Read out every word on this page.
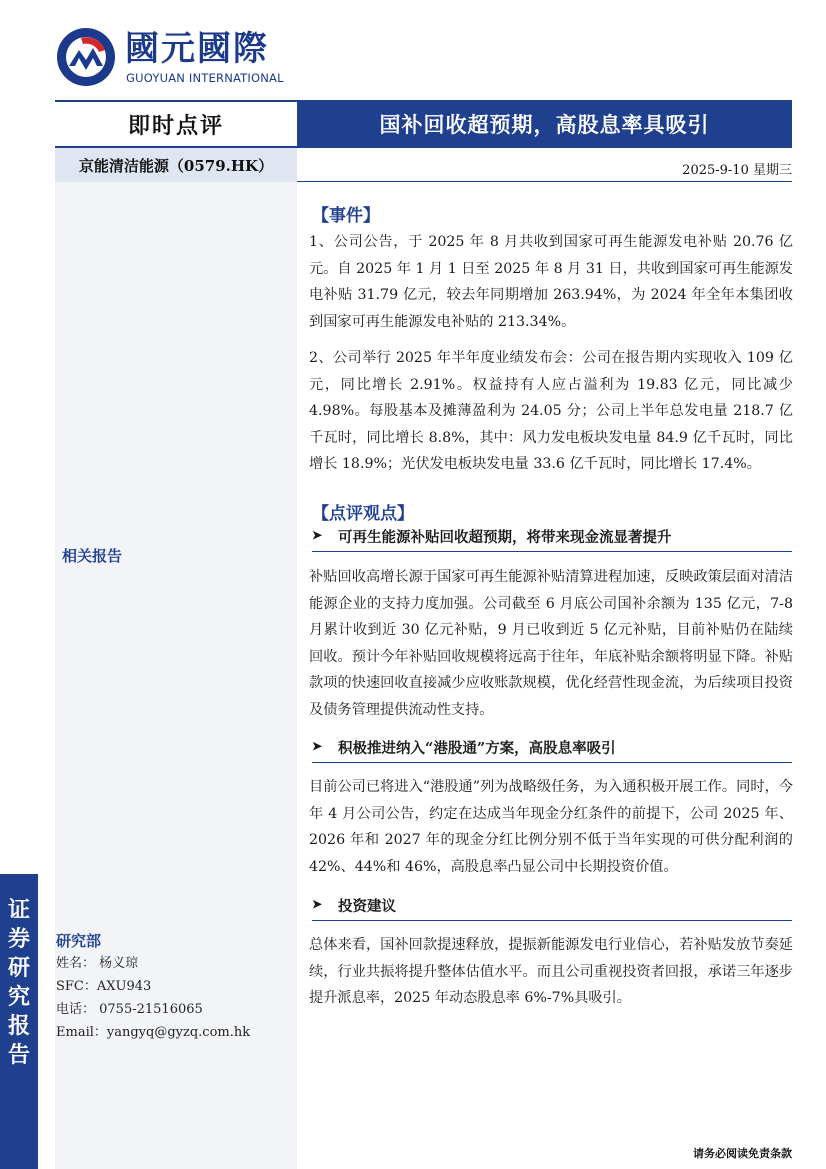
國元國際
GUOYUAN INTERNATIONAL
即时点评	国补回收超预期，高股息率具吸引
京能清洁能源（0579.HK）	2025-9-10 星期三
相关报告
研究部
姓名： 杨义琼
SFC：AXU943
电话： 0755-21516065
Email：yangyq@gyzq.com.hk
证
券
研
究
报
告
【事件】
1、公司公告，于 2025 年 8 月共收到国家可再生能源发电补贴 20.76 亿元。自 2025 年 1 月 1 日至 2025 年 8 月 31 日，共收到国家可再生能源发电补贴 31.79 亿元，较去年同期增加 263.94%，为 2024 年全年本集团收到国家可再生能源发电补贴的 213.34%。
2、公司举行 2025 年半年度业绩发布会：公司在报告期内实现收入 109 亿元，同比增长 2.91%。权益持有人应占溢利为 19.83 亿元，同比减少 4.98%。每股基本及摊薄盈利为 24.05 分；公司上半年总发电量 218.7 亿千瓦时，同比增长 8.8%，其中：风力发电板块发电量 84.9 亿千瓦时，同比增长 18.9%；光伏发电板块发电量 33.6 亿千瓦时，同比增长 17.4%。
【点评观点】
➤ 可再生能源补贴回收超预期，将带来现金流显著提升
补贴回收高增长源于国家可再生能源补贴清算进程加速，反映政策层面对清洁能源企业的支持力度加强。公司截至 6 月底公司国补余额为 135 亿元，7-8 月累计收到近 30 亿元补贴，9 月已收到近 5 亿元补贴，目前补贴仍在陆续回收。预计今年补贴回收规模将远高于往年，年底补贴余额将明显下降。补贴款项的快速回收直接减少应收账款规模，优化经营性现金流，为后续项目投资及债务管理提供流动性支持。
➤ 积极推进纳入“港股通”方案，高股息率吸引
目前公司已将进入“港股通”列为战略级任务，为入通积极开展工作。同时，今年 4 月公司公告，约定在达成当年现金分红条件的前提下，公司 2025 年、2026 年和 2027 年的现金分红比例分别不低于当年实现的可供分配利润的 42%、44%和 46%，高股息率凸显公司中长期投资价值。
➤ 投资建议
总体来看，国补回款提速释放，提振新能源发电行业信心，若补贴发放节奏延续，行业共振将提升整体估值水平。而且公司重视投资者回报，承诺三年逐步提升派息率，2025 年动态股息率 6%-7%具吸引。
请务必阅读免责条款
